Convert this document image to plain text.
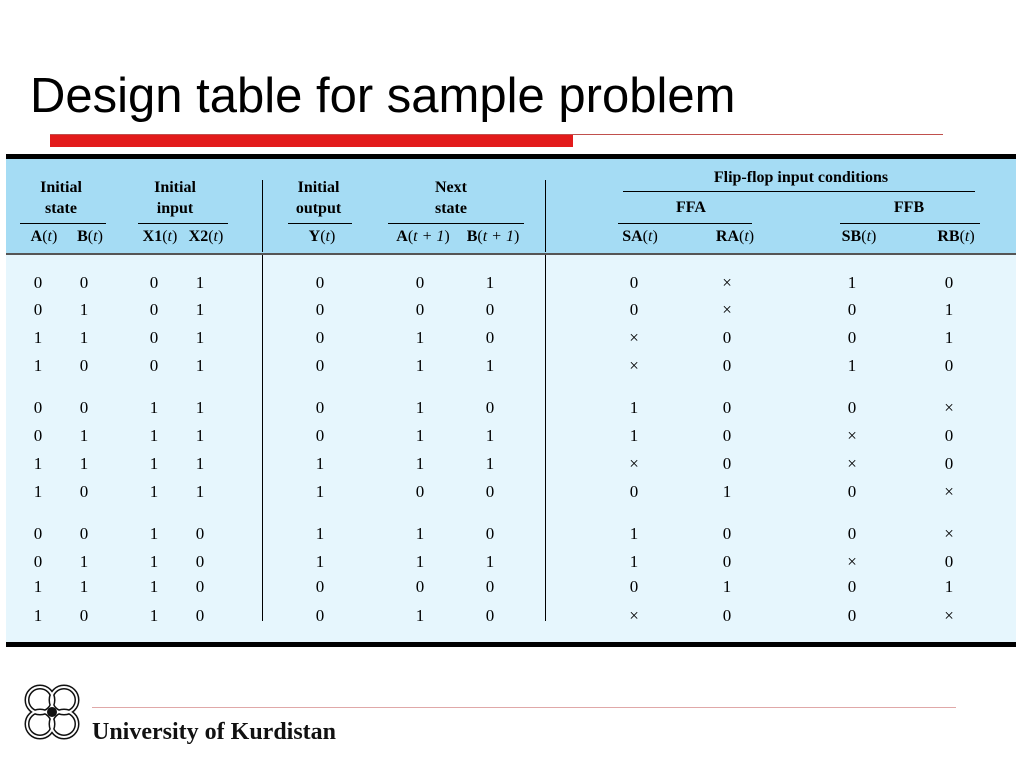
Design table for sample problem
Initial
state
Initial
input
Initial
output
Next
state
Flip-flop input conditions
FFA	FFB
A(t) B(t) X1(t) X2(t)	Y(t)	A(t + 1) B(t + 1)	SA(t)	RA(t)	SB(t)	RB(t)
0 0	0 1	0	0	1	0	×	1	0
0 1	0 1	0	0	0	0	×	0	1
1 1	0 1	0	1	0	×	0	0	1
1 0	0 1	0	1	1	×	0	1	0
0 0	1 1	0	1	0	1	0	0	×
0 1	1 1	0	1	1	1	0	×	0
1 1	1 1	1	1	1	×	0	×	0
1 0	1 1	1	0	0	0	1	0	×
0 0	1 0	1	1	0	1	0	0	×
0 1	1 0	1	1	1	1	0	×	0
1 1	1 0	0	0	0	0	1	0	1
1 0	1 0	0	1	0	×	0	0	×

University of Kurdistan
